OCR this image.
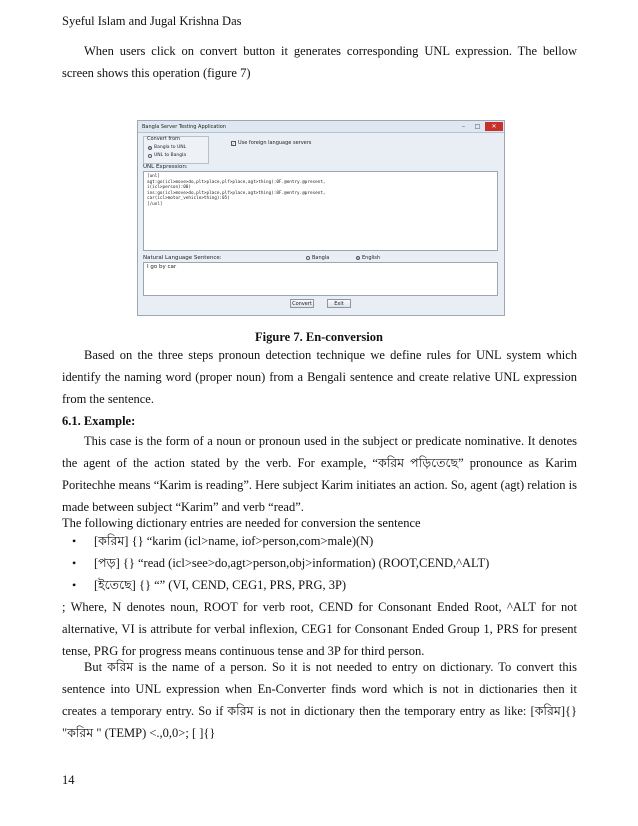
Syeful Islam and Jugal Krishna Das

When users click on convert button it generates corresponding UNL expression. The bellow screen shows this operation (figure 7)

Bangla Server Testing Application	–	□	✕
Convert from
Bangla to UNL
UNL to Bangla
✓ Use foreign language servers
UNL Expression:
[unl]
agt:go(icl>move>do,plt>place,plf>place,agt>thing):0F.@entry.@present,
i(icl>person):00)
ins:go(icl>move>do,plt>place,plf>place,agt>thing):0F.@entry.@present,
car(icl>motor_vehicle>thing):05)
[/unl]
Natural Language Sentence:	Bangla	English
I go by car
Convert	Exit
Figure 7. En-conversion

Based on the three steps pronoun detection technique we define rules for UNL system which identify the naming word (proper noun) from a Bengali sentence and create relative UNL expression from the sentence.

6.1. Example:

This case is the form of a noun or pronoun used in the subject or predicate nominative. It denotes the agent of the action stated by the verb. For example, “করিম পড়িতেছে” pronounce as Karim Poritechhe means “Karim is reading”. Here subject Karim initiates an action. So, agent (agt) relation is made between subject “Karim” and verb “read”.

The following dictionary entries are needed for conversion the sentence

• [করিম] {} “karim (icl>name, iof>person,com>male)(N)
• [পড়] {} “read (icl>see>do,agt>person,obj>information) (ROOT,CEND,^ALT)
• [ইতেছে] {} “” (VI, CEND, CEG1, PRS, PRG, 3P)

; Where, N denotes noun, ROOT for verb root, CEND for Consonant Ended Root, ^ALT for not alternative, VI is attribute for verbal inflexion, CEG1 for Consonant Ended Group 1, PRS for present tense, PRG for progress means continuous tense and 3P for third person.

But করিম is the name of a person. So it is not needed to entry on dictionary. To convert this sentence into UNL expression when En-Converter finds word which is not in dictionaries then it creates a temporary entry. So if করিম is not in dictionary then the temporary entry as like: [করিম]{} "করিম " (TEMP) <.,0,0>; [ ]{}

14
